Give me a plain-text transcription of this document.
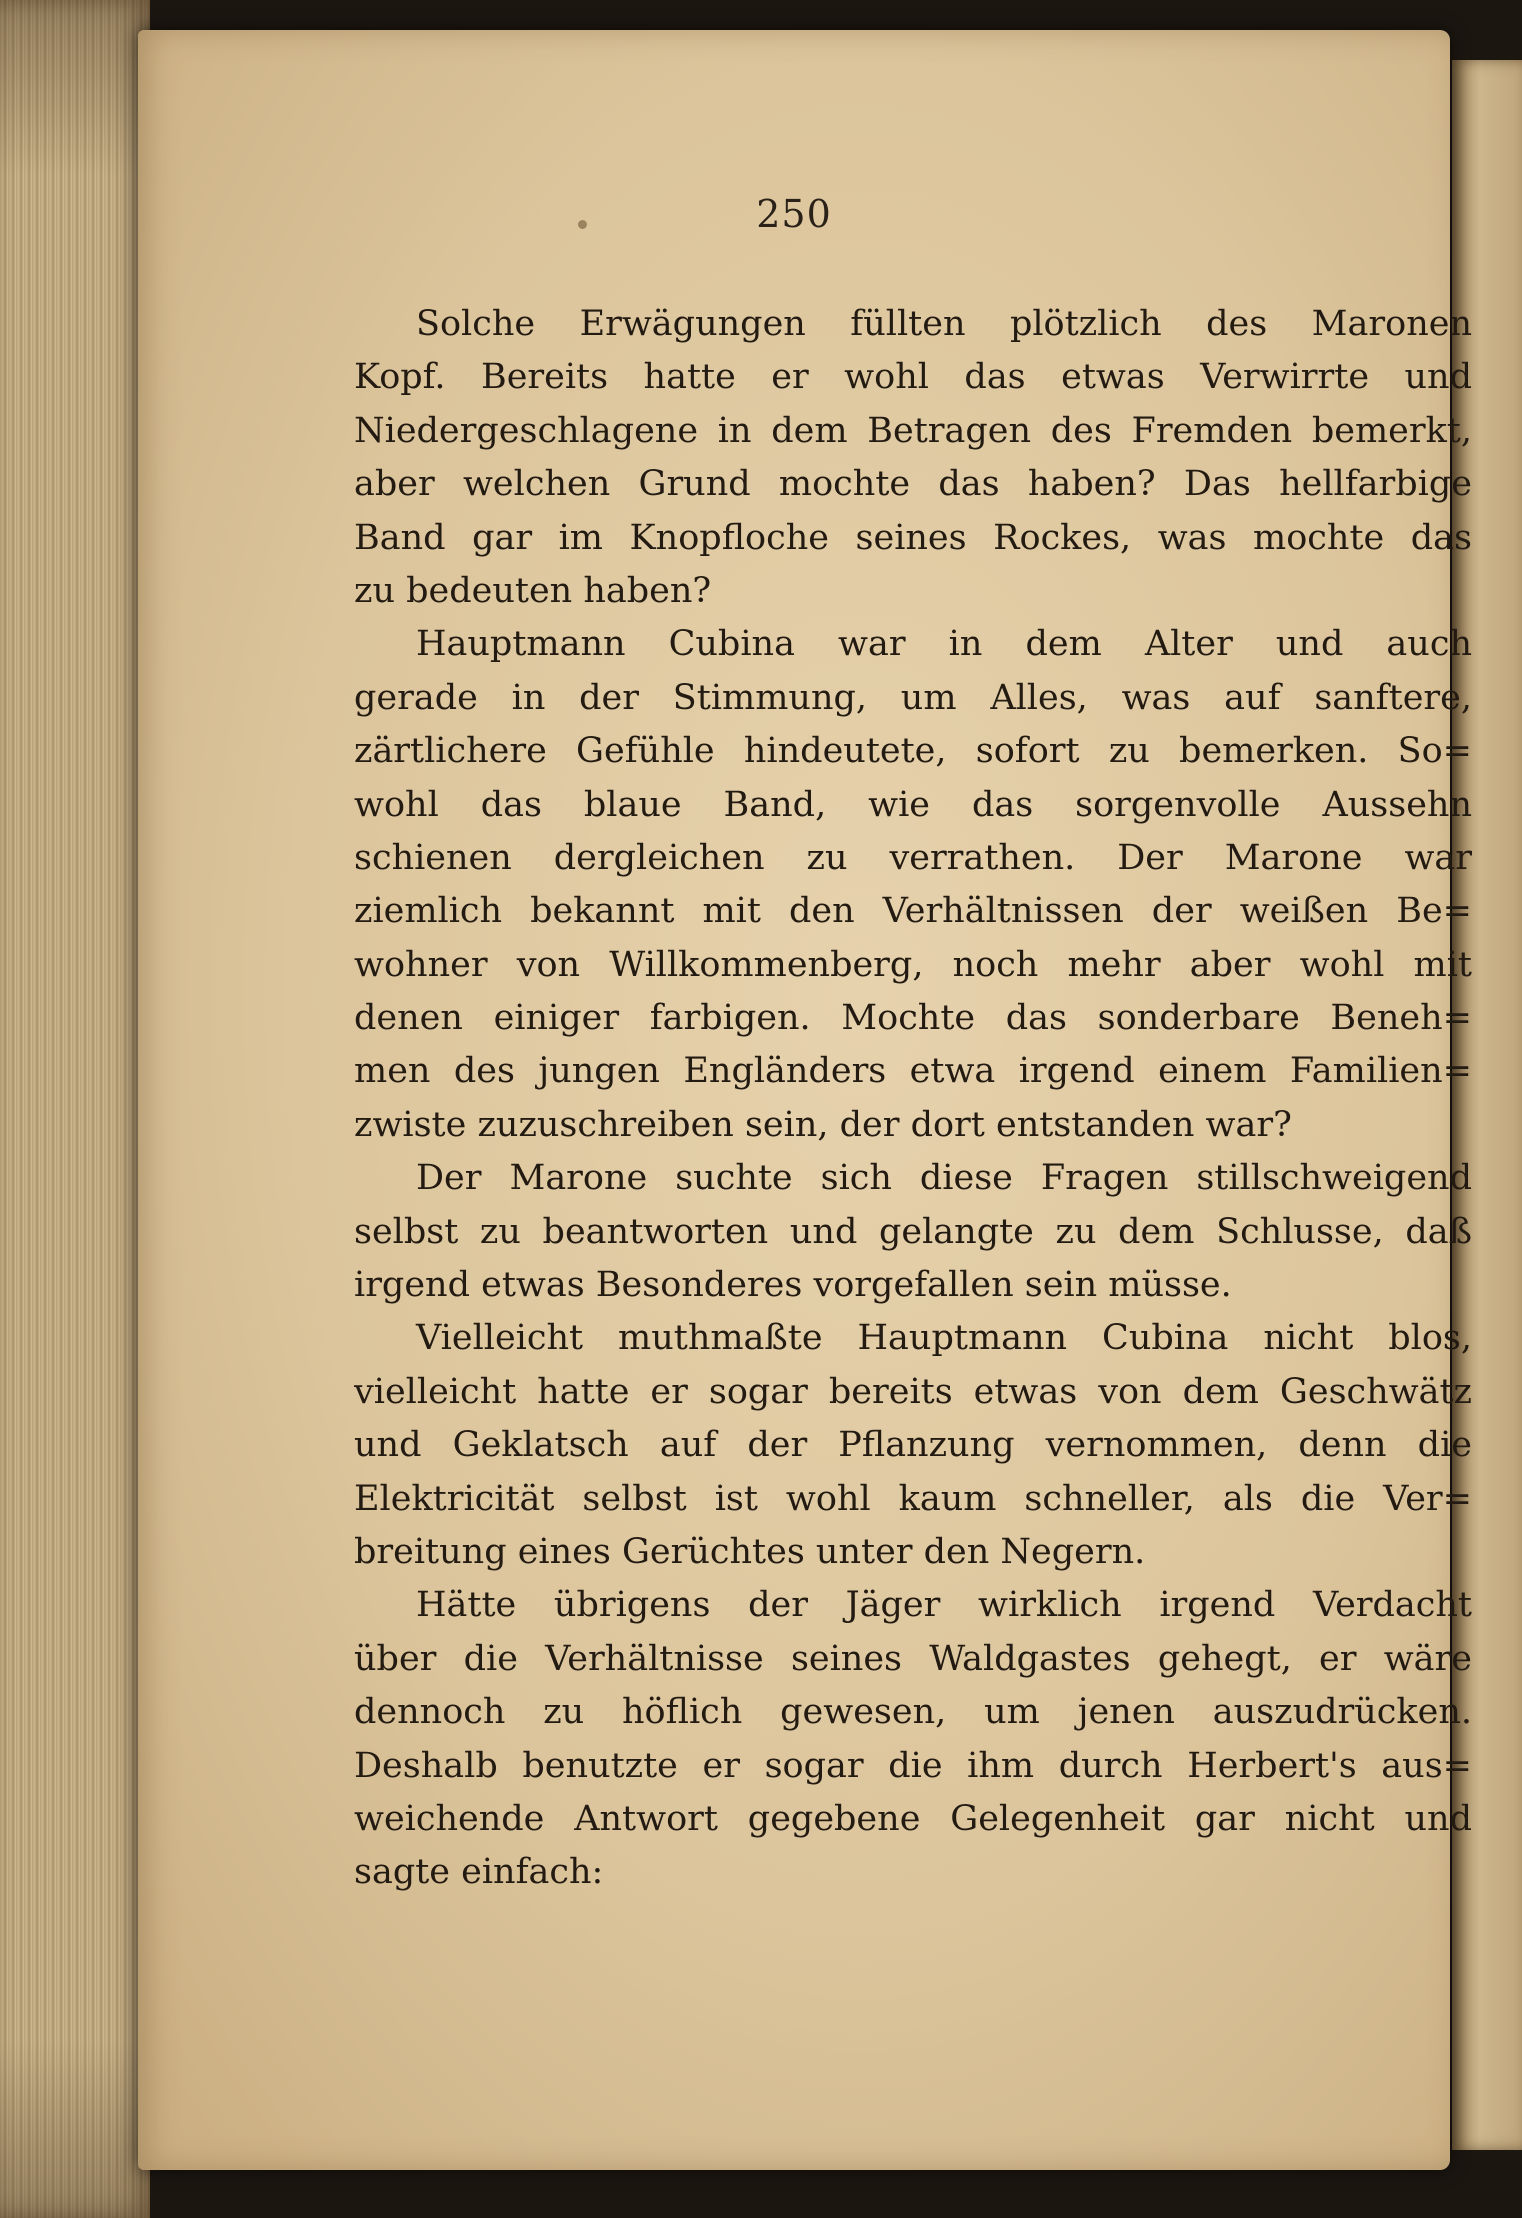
250
Solche Erwägungen füllten plötzlich des Maronen
Kopf. Bereits hatte er wohl das etwas Verwirrte und
Niedergeschlagene in dem Betragen des Fremden bemerkt,
aber welchen Grund mochte das haben? Das hellfarbige
Band gar im Knopfloche seines Rockes, was mochte das
zu bedeuten haben?
Hauptmann Cubina war in dem Alter und auch
gerade in der Stimmung, um Alles, was auf sanftere,
zärtlichere Gefühle hindeutete, sofort zu bemerken. So=
wohl das blaue Band, wie das sorgenvolle Aussehn
schienen dergleichen zu verrathen. Der Marone war
ziemlich bekannt mit den Verhältnissen der weißen Be=
wohner von Willkommenberg, noch mehr aber wohl mit
denen einiger farbigen. Mochte das sonderbare Beneh=
men des jungen Engländers etwa irgend einem Familien=
zwiste zuzuschreiben sein, der dort entstanden war?
Der Marone suchte sich diese Fragen stillschweigend
selbst zu beantworten und gelangte zu dem Schlusse, daß
irgend etwas Besonderes vorgefallen sein müsse.
Vielleicht muthmaßte Hauptmann Cubina nicht blos,
vielleicht hatte er sogar bereits etwas von dem Geschwätz
und Geklatsch auf der Pflanzung vernommen, denn die
Elektricität selbst ist wohl kaum schneller, als die Ver=
breitung eines Gerüchtes unter den Negern.
Hätte übrigens der Jäger wirklich irgend Verdacht
über die Verhältnisse seines Waldgastes gehegt, er wäre
dennoch zu höflich gewesen, um jenen auszudrücken.
Deshalb benutzte er sogar die ihm durch Herbert's aus=
weichende Antwort gegebene Gelegenheit gar nicht und
sagte einfach:
